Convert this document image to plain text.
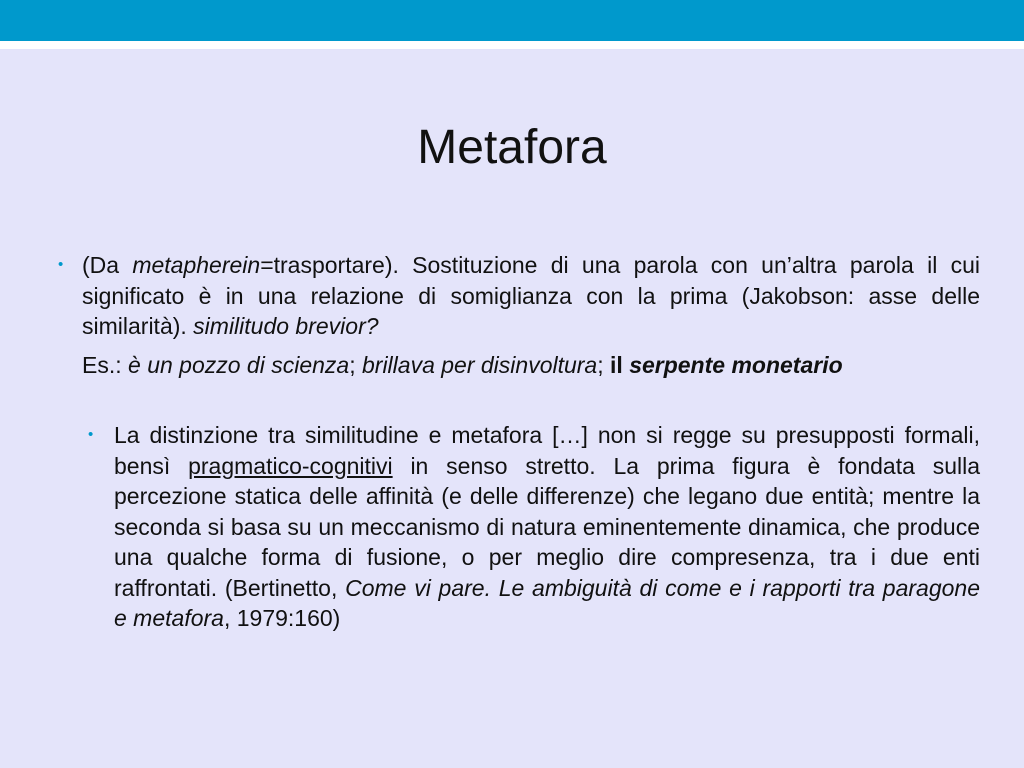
Metafora
• (Da metapherein=trasportare). Sostituzione di una parola con un’altra parola il cui significato è in una relazione di somiglianza con la prima (Jakobson: asse delle similarità). similitudo brevior?
Es.: è un pozzo di scienza; brillava per disinvoltura; il serpente monetario
• La distinzione tra similitudine e metafora […] non si regge su presupposti formali, bensì pragmatico-cognitivi in senso stretto. La prima figura è fondata sulla percezione statica delle affinità (e delle differenze) che legano due entità; mentre la seconda si basa su un meccanismo di natura eminentemente dinamica, che produce una qualche forma di fusione, o per meglio dire compresenza, tra i due enti raffrontati. (Bertinetto, Come vi pare. Le ambiguità di come e i rapporti tra paragone e metafora, 1979:160)
